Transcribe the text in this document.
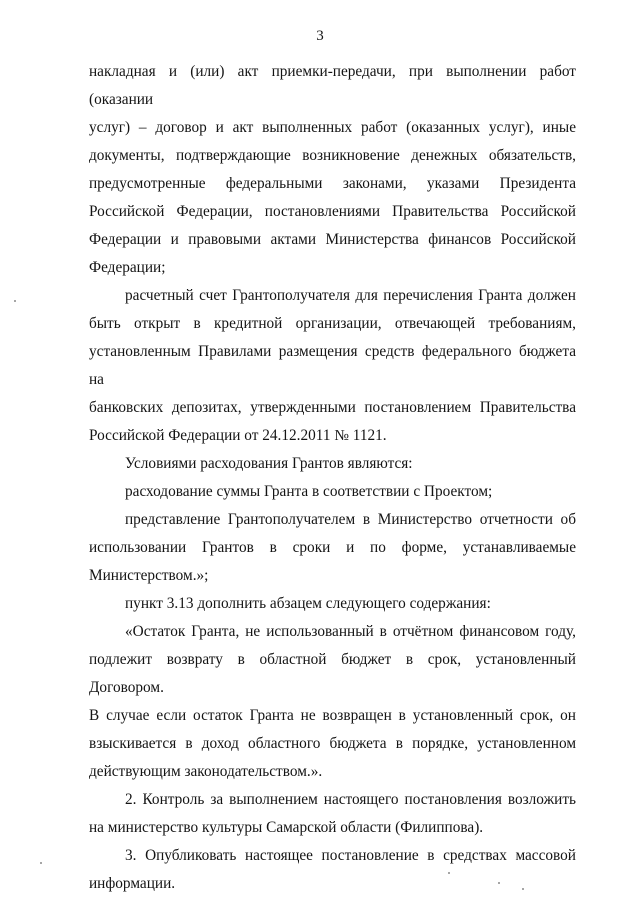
3

накладная и (или) акт приемки-передачи, при выполнении работ (оказании
услуг) – договор и акт выполненных работ (оказанных услуг), иные
документы, подтверждающие возникновение денежных обязательств,
предусмотренные федеральными законами, указами Президента
Российской Федерации, постановлениями Правительства Российской
Федерации и правовыми актами Министерства финансов Российской
Федерации;

расчетный счет Грантополучателя для перечисления Гранта должен
быть открыт в кредитной организации, отвечающей требованиям,
установленным Правилами размещения средств федерального бюджета на
банковских депозитах, утвержденными постановлением Правительства
Российской Федерации от 24.12.2011 № 1121.

Условиями расходования Грантов являются:

расходование суммы Гранта в соответствии с Проектом;

представление Грантополучателем в Министерство отчетности об
использовании Грантов в сроки и по форме, устанавливаемые
Министерством.»;

пункт 3.13 дополнить абзацем следующего содержания:

«Остаток Гранта, не использованный в отчётном финансовом году,
подлежит возврату в областной бюджет в срок, установленный Договором.
В случае если остаток Гранта не возвращен в установленный срок, он
взыскивается в доход областного бюджета в порядке, установленном
действующим законодательством.».

2. Контроль за выполнением настоящего постановления возложить
на министерство культуры Самарской области (Филиппова).

3. Опубликовать настоящее постановление в средствах массовой
информации.
